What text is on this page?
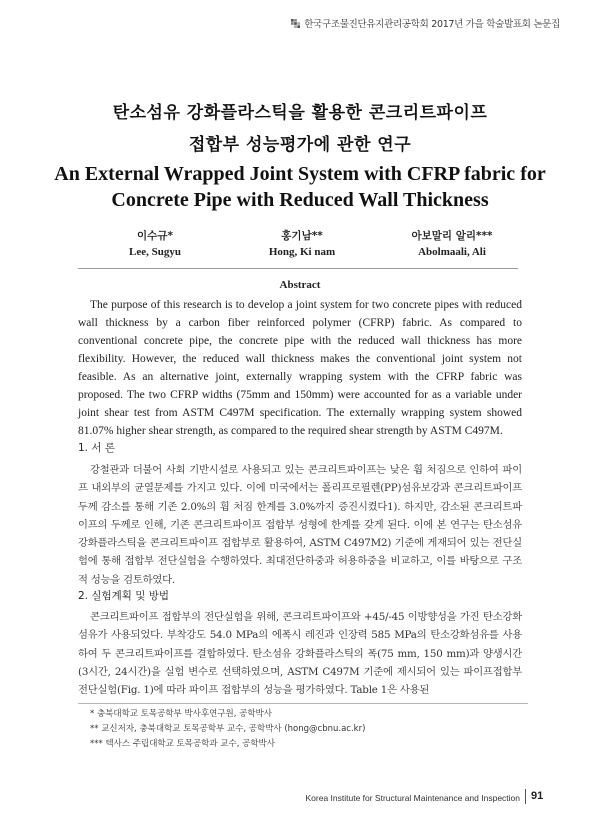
한국구조물진단유지관리공학회 2017년 가을 학술발표회 논문집
탄소섬유 강화플라스틱을 활용한 콘크리트파이프
접합부 성능평가에 관한 연구
An External Wrapped Joint System with CFRP fabric for
Concrete Pipe with Reduced Wall Thickness
이수규*
Lee, Sugyu
홍기남**
Hong, Ki nam
아보말리 알리***
Abolmaali, Ali
Abstract
The purpose of this research is to develop a joint system for two concrete pipes with reduced wall thickness by a carbon fiber reinforced polymer (CFRP) fabric. As compared to conventional concrete pipe, the concrete pipe with the reduced wall thickness has more flexibility. However, the reduced wall thickness makes the conventional joint system not feasible. As an alternative joint, externally wrapping system with the CFRP fabric was proposed. The two CFRP widths (75mm and 150mm) were accounted for as a variable under joint shear test from ASTM C497M specification. The externally wrapping system showed 81.07% higher shear strength, as compared to the required shear strength by ASTM C497M.
1. 서 론
강철관과 더불어 사회 기반시설로 사용되고 있는 콘크리트파이프는 낮은 휨 처짐으로 인하여 파이프 내외부의 균열문제를 가지고 있다. 이에 미국에서는 폴리프로필렌(PP)섬유보강과 콘크리트파이프 두께 감소를 통해 기존 2.0%의 휨 처짐 한계를 3.0%까지 증진시켰다1). 하지만, 감소된 콘크리트파이프의 두께로 인해, 기존 콘크리트파이프 접합부 성형에 한계를 갖게 된다. 이에 본 연구는 탄소섬유 강화플라스틱을 콘크리트파이프 접합부로 활용하여, ASTM C497M2) 기준에 게재되어 있는 전단실험에 통해 접합부 전단실험을 수행하였다. 최대전단하중과 허용하중을 비교하고, 이를 바탕으로 구조적 성능을 검토하였다.
2. 실험계획 및 방법
콘크리트파이프 접합부의 전단실험을 위해, 콘크리트파이프와 +45/-45 이방향성을 가진 탄소강화섬유가 사용되었다. 부착강도 54.0 MPa의 에폭시 레진과 인장력 585 MPa의 탄소강화섬유를 사용하여 두 콘크리트파이프를 결합하였다. 탄소섬유 강화플라스틱의 폭(75 mm, 150 mm)과 양생시간(3시간, 24시간)을 실험 변수로 선택하였으며, ASTM C497M 기준에 제시되어 있는 파이프접합부 전단실험(Fig. 1)에 따라 파이프 접합부의 성능을 평가하였다. Table 1은 사용된
* 충북대학교 토목공학부 박사후연구원, 공학박사
** 교신저자, 충북대학교 토목공학부 교수, 공학박사 (hong@cbnu.ac.kr)
*** 텍사스 주립대학교 토목공학과 교수, 공학박사
Korea Institute for Structural Maintenance and Inspection 91
